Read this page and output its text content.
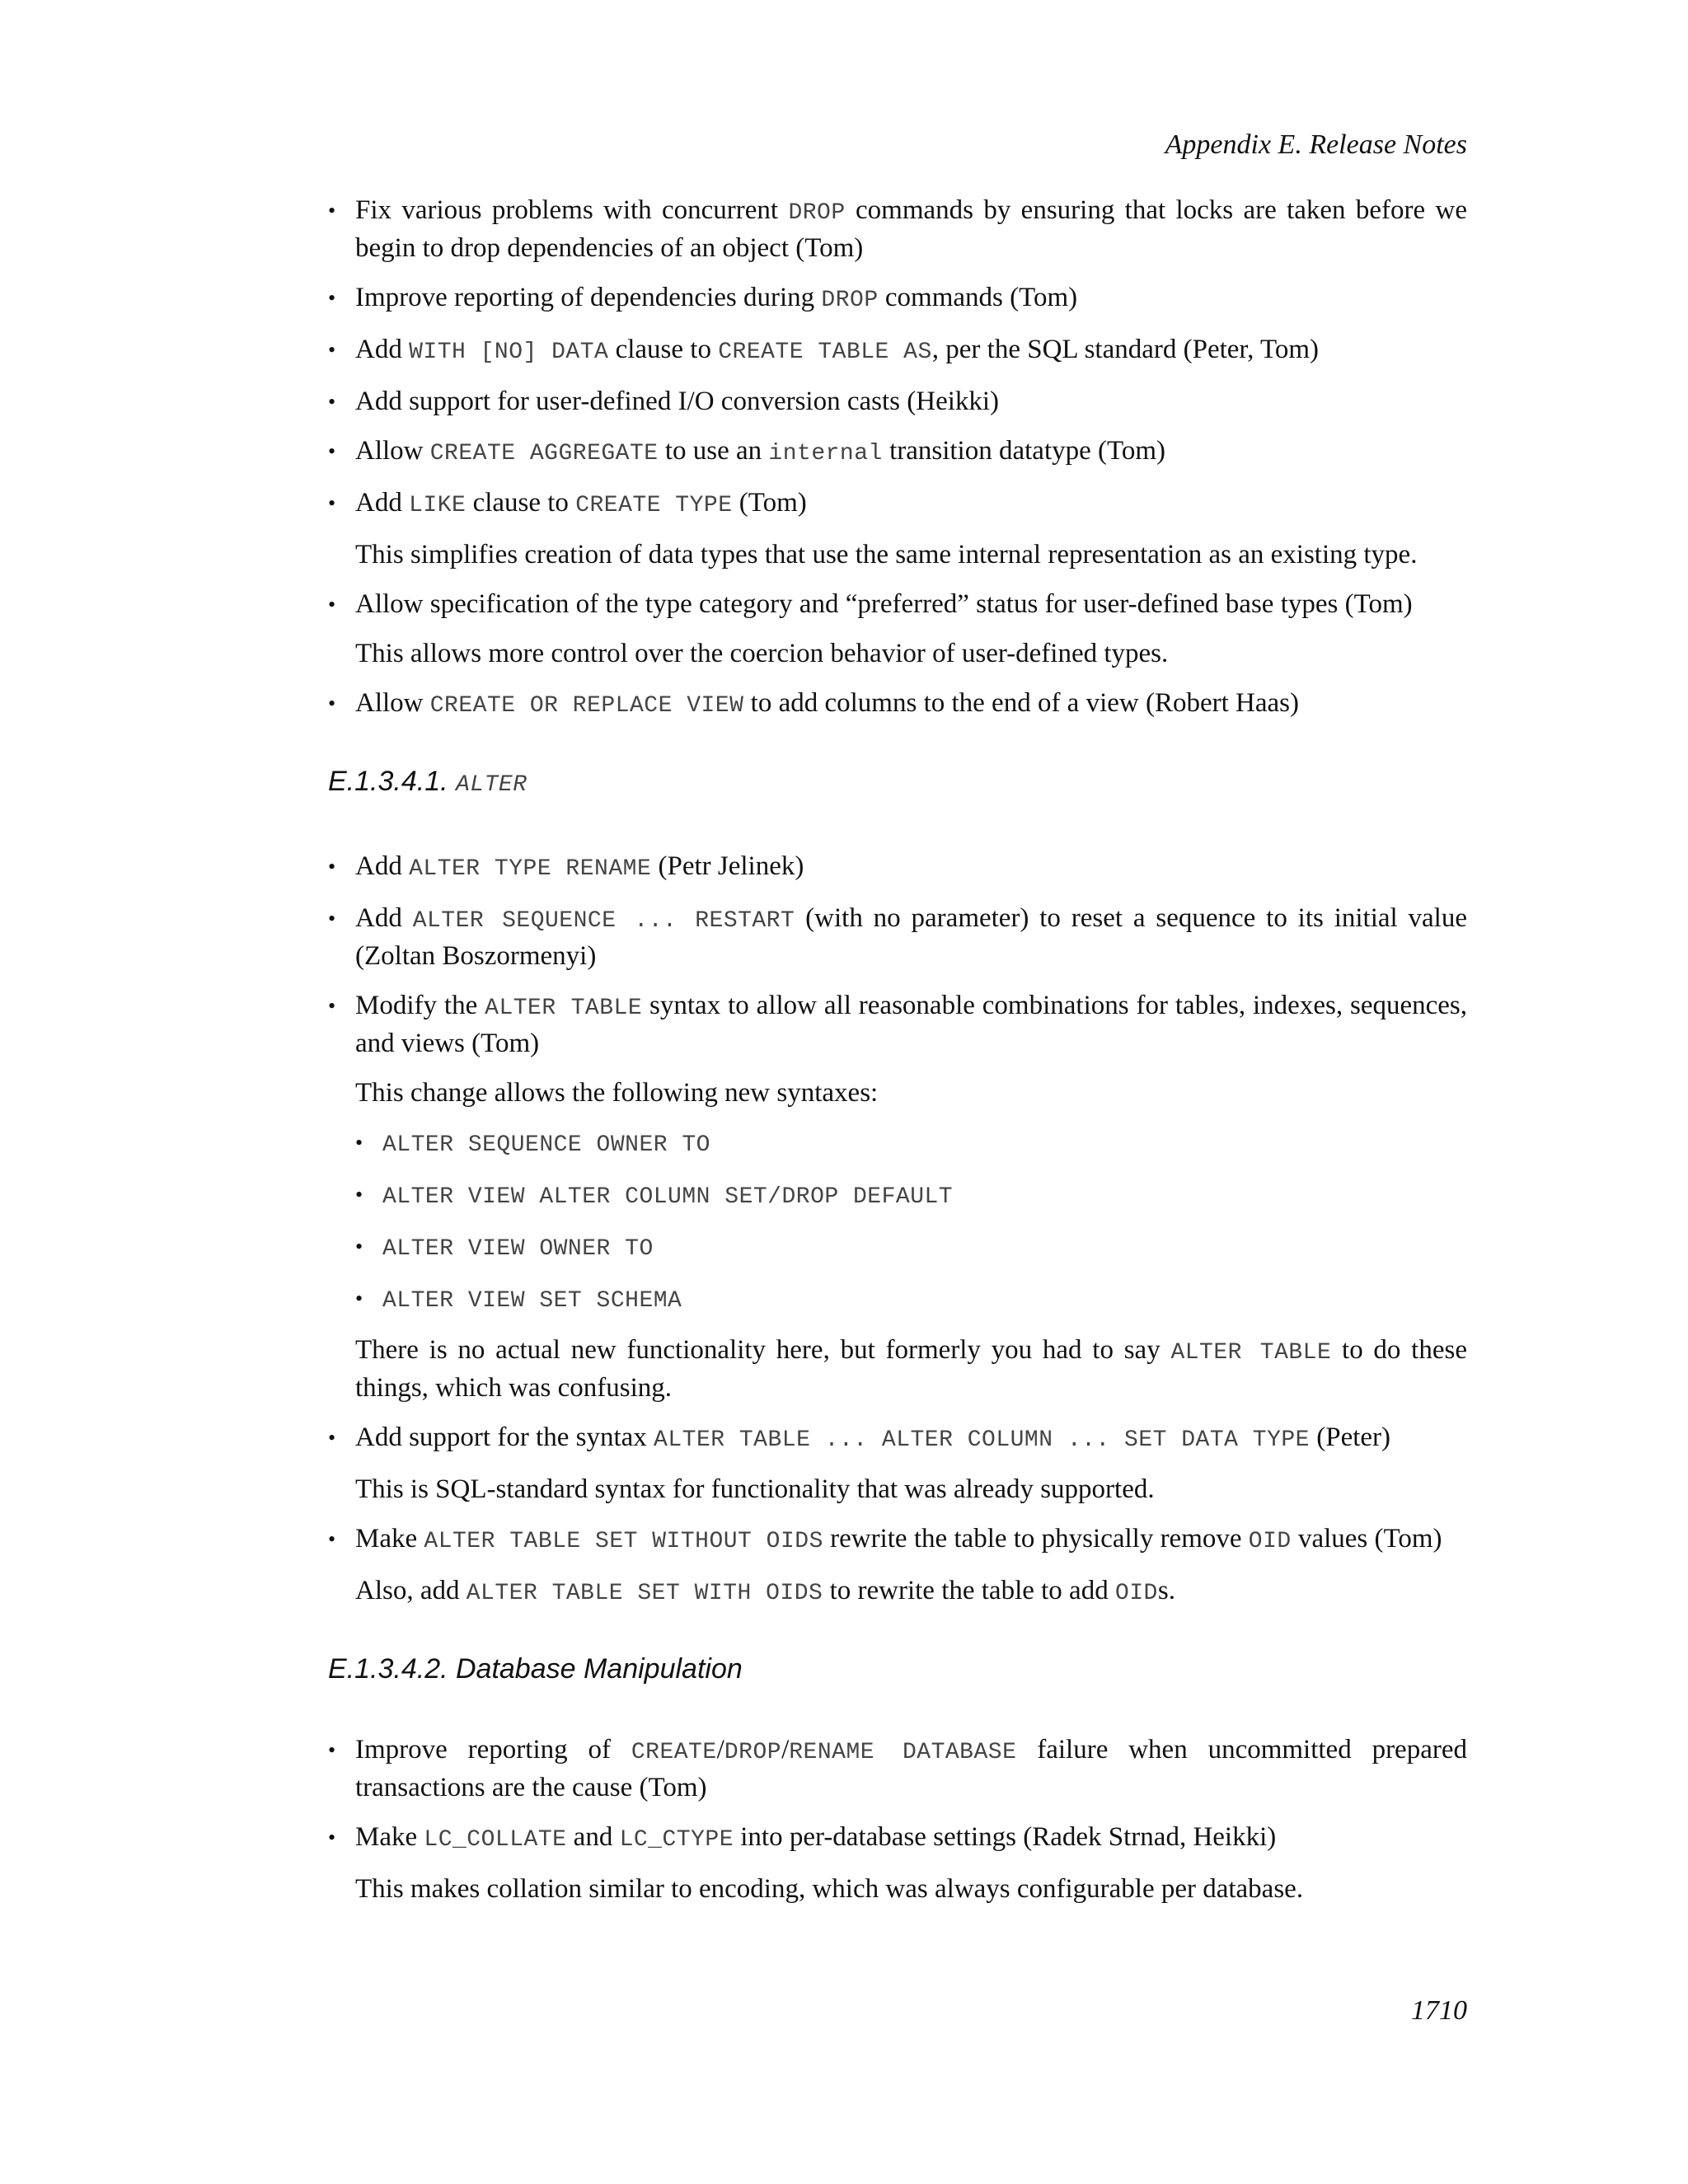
Appendix E. Release Notes
• Fix various problems with concurrent DROP commands by ensuring that locks are taken before we begin to drop dependencies of an object (Tom)
• Improve reporting of dependencies during DROP commands (Tom)
• Add WITH [NO] DATA clause to CREATE TABLE AS, per the SQL standard (Peter, Tom)
• Add support for user-defined I/O conversion casts (Heikki)
• Allow CREATE AGGREGATE to use an internal transition datatype (Tom)
• Add LIKE clause to CREATE TYPE (Tom)
This simplifies creation of data types that use the same internal representation as an existing type.
• Allow specification of the type category and “preferred” status for user-defined base types (Tom)
This allows more control over the coercion behavior of user-defined types.
• Allow CREATE OR REPLACE VIEW to add columns to the end of a view (Robert Haas)
E.1.3.4.1. ALTER
• Add ALTER TYPE RENAME (Petr Jelinek)
• Add ALTER SEQUENCE ... RESTART (with no parameter) to reset a sequence to its initial value (Zoltan Boszormenyi)
• Modify the ALTER TABLE syntax to allow all reasonable combinations for tables, indexes, sequences, and views (Tom)
This change allows the following new syntaxes:
• ALTER SEQUENCE OWNER TO
• ALTER VIEW ALTER COLUMN SET/DROP DEFAULT
• ALTER VIEW OWNER TO
• ALTER VIEW SET SCHEMA
There is no actual new functionality here, but formerly you had to say ALTER TABLE to do these things, which was confusing.
• Add support for the syntax ALTER TABLE ... ALTER COLUMN ... SET DATA TYPE (Peter)
This is SQL-standard syntax for functionality that was already supported.
• Make ALTER TABLE SET WITHOUT OIDS rewrite the table to physically remove OID values (Tom)
Also, add ALTER TABLE SET WITH OIDS to rewrite the table to add OIDs.
E.1.3.4.2. Database Manipulation
• Improve reporting of CREATE/DROP/RENAME DATABASE failure when uncommitted prepared transactions are the cause (Tom)
• Make LC_COLLATE and LC_CTYPE into per-database settings (Radek Strnad, Heikki)
This makes collation similar to encoding, which was always configurable per database.
1710
